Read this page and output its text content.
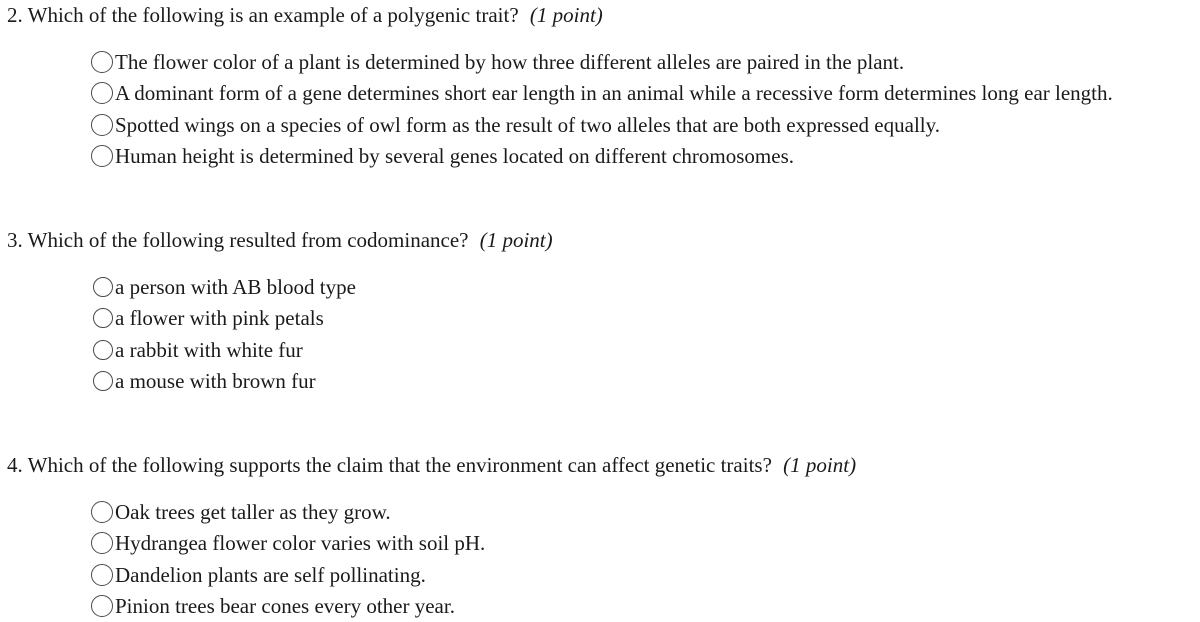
2. Which of the following is an example of a polygenic trait? (1 point)
The flower color of a plant is determined by how three different alleles are paired in the plant.
A dominant form of a gene determines short ear length in an animal while a recessive form determines long ear length.
Spotted wings on a species of owl form as the result of two alleles that are both expressed equally.
Human height is determined by several genes located on different chromosomes.
3. Which of the following resulted from codominance? (1 point)
a person with AB blood type
a flower with pink petals
a rabbit with white fur
a mouse with brown fur
4. Which of the following supports the claim that the environment can affect genetic traits? (1 point)
Oak trees get taller as they grow.
Hydrangea flower color varies with soil pH.
Dandelion plants are self pollinating.
Pinion trees bear cones every other year.
